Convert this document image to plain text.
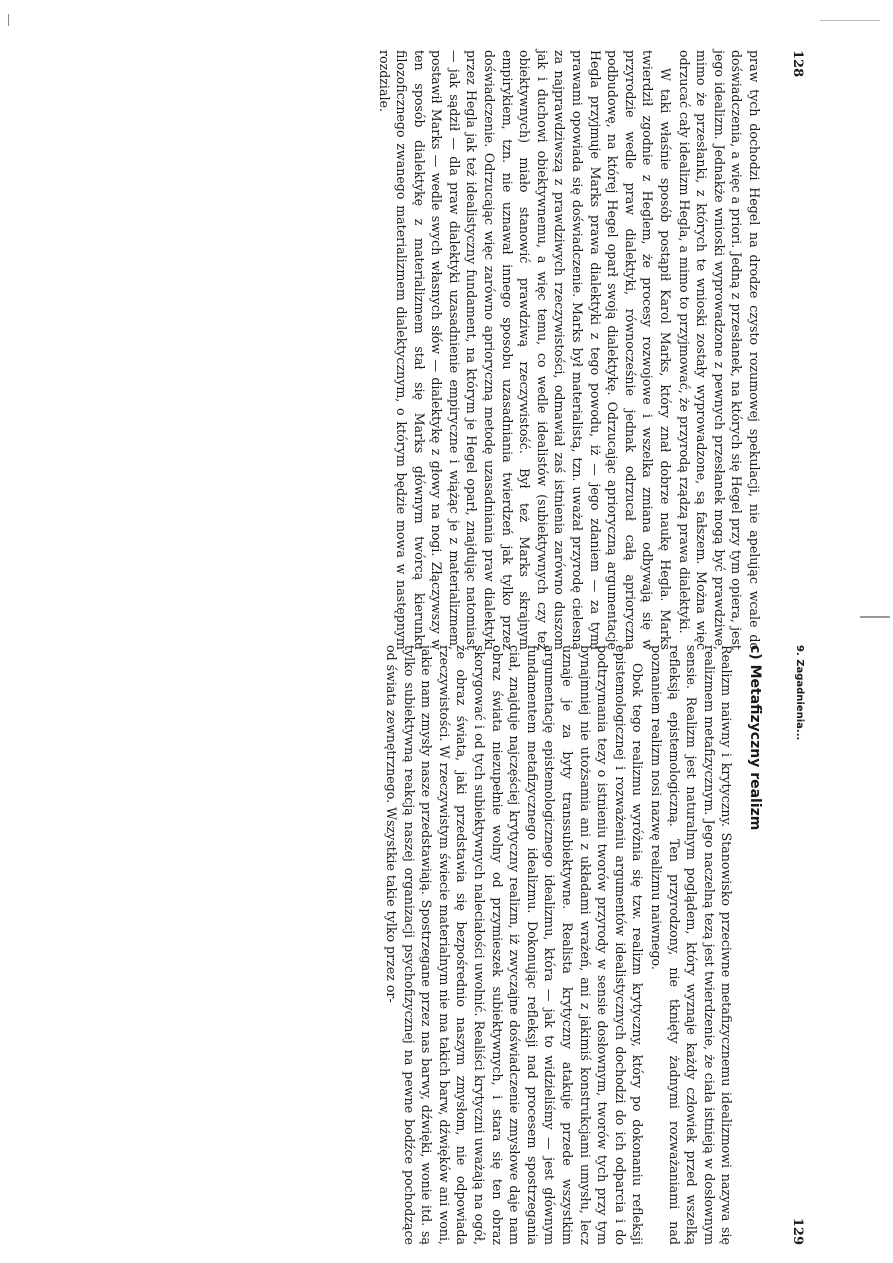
128

praw tych dochodzi Hegel na drodze czysto rozumowej spekulacji, nie apelując wcale do doświadczenia, a więc a priori. Jedną z przesłanek, na których się Hegel przy tym opiera, jest jego idealizm. Jednakże wnioski wyprowadzone z pewnych przesłanek mogą być prawdziwe, mimo że przesłanki, z których te wnioski zostały wyprowadzone, są fałszem. Można więc odrzucać cały idealizm Hegla, a mimo to przyjmować, że przyrodą rządzą prawa dialektyki.

W taki właśnie sposób postąpił Karol Marks, który znał dobrze naukę Hegla. Marks twierdził zgodnie z Heglem, że procesy rozwojowe i wszelka zmiana odbywają się w przyrodzie wedle praw dialektyki, równocześnie jednak odrzucał całą aprioryczną podbudowę, na której Hegel oparł swoją dialektykę. Odrzucając aprioryczną argumentację Hegla przyjmuje Marks prawa dialektyki z tego powodu, iż — jego zdaniem — za tymi prawami opowiada się doświadczenie. Marks był materialistą, tzn. uważał przyrodę cielesną za najprawdziwszą z prawdziwych rzeczywistości, odmawiał zaś istnienia zarówno duszom jak i duchowi obiektywnemu, a więc temu, co wedle idealistów (subiektywnych czy też obiektywnych) miało stanowić prawdziwą rzeczywistość. Był też Marks skrajnym empirykiem, tzn. nie uznawał innego sposobu uzasadniania twierdzeń jak tylko przez doświadczenie. Odrzucając więc zarówno aprioryczną metodę uzasadniania praw dialektyki przez Hegla jak też idealistyczny fundament, na którym je Hegel oparł, znajdując natomiast — jak sądził — dla praw dialektyki uzasadnienie empiryczne i wiążąc je z materializmem, postawił Marks — wedle swych własnych słów — dialektykę z głowy na nogi. Złączywszy w ten sposób dialektykę z materializmem stał się Marks głównym twórcą kierunku filozoficznego zwanego materializmem dialektycznym, o którym będzie mowa w następnym rozdziale.

129
c) Metafizyczny realizm

Realizm naiwny i krytyczny. Stanowisko przeciwne metafizycznemu idealizmowi nazywa się realizmem metafizycznym. Jego naczelną tezą jest twierdzenie, że ciała istnieją w dosłownym sensie. Realizm jest naturalnym poglądem, który wyznaje każdy człowiek przed wszelką refleksją epistemologiczną. Ten przyrodzony, nie tknięty żadnymi rozważaniami nad poznaniem realizm nosi nazwę realizmu naiwnego.

Obok tego realizmu wyróżnia się tzw. realizm krytyczny, który po dokonaniu refleksji epistemologicznej i rozważeniu argumentów idealistycznych dochodzi do ich odparcia i do podtrzymania tezy o istnieniu tworów przyrody w sensie dosłownym, tworów tych przy tym bynajmniej nie utożsamia ani z układami wrażeń, ani z jakimiś konstrukcjami umysłu, lecz uznaje je za byty transsubiektywne. Realista krytyczny atakuje przede wszystkim argumentację epistemologicznego idealizmu, która — jak to widzieliśmy — jest głównym fundamentem metafizycznego idealizmu. Dokonując refleksji nad procesem spostrzegania ciał, znajduje najczęściej krytyczny realizm, iż zwyczajne doświadczenie zmysłowe daje nam obraz świata niezupełnie wolny od przymieszek subiektywnych, i stara się ten obraz skorygować i od tych subiektywnych naleciałości uwolnić. Realiści krytyczni uważają na ogół, że obraz świata, jaki przedstawia się bezpośrednio naszym zmysłom, nie odpowiada rzeczywistości. W rzeczywistym świecie materialnym nie ma takich barw, dźwięków ani woni, jakie nam zmysły nasze przedstawiają. Spostrzegane przez nas barwy, dźwięki, wonie itd. są tylko subiektywną reakcją naszej organizacji psychofizycznej na pewne bodźce pochodzące od świata zewnętrznego. Wszystkie takie tylko przez or-	9. Zagadnienia...
